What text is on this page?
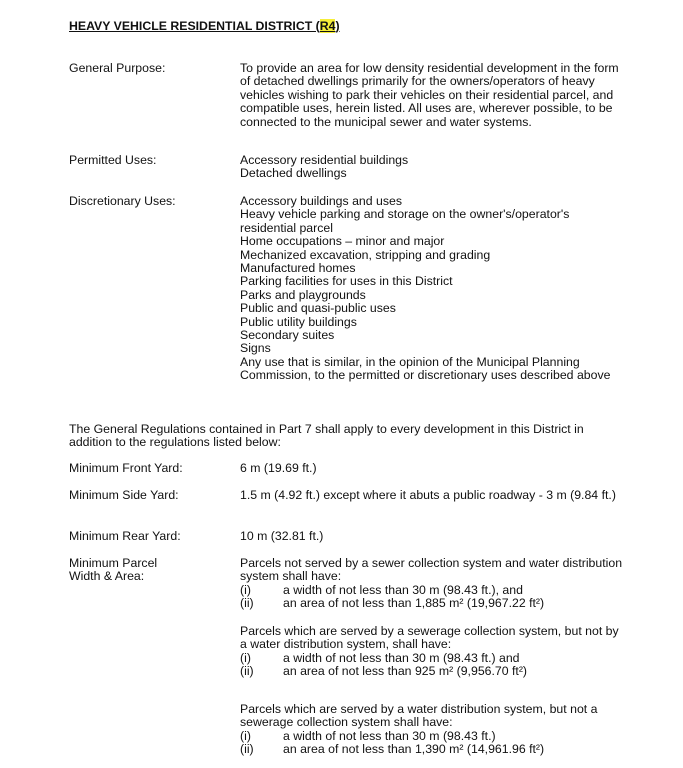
HEAVY VEHICLE RESIDENTIAL DISTRICT (R4)
General Purpose:	To provide an area for low density residential development in the form of detached dwellings primarily for the owners/operators of heavy vehicles wishing to park their vehicles on their residential parcel, and compatible uses, herein listed. All uses are, wherever possible, to be connected to the municipal sewer and water systems.
Permitted Uses:	Accessory residential buildings
Detached dwellings
Discretionary Uses:	Accessory buildings and uses
Heavy vehicle parking and storage on the owner's/operator's residential parcel
Home occupations – minor and major
Mechanized excavation, stripping and grading
Manufactured homes
Parking facilities for uses in this District
Parks and playgrounds
Public and quasi-public uses
Public utility buildings
Secondary suites
Signs
Any use that is similar, in the opinion of the Municipal Planning Commission, to the permitted or discretionary uses described above
The General Regulations contained in Part 7 shall apply to every development in this District in addition to the regulations listed below:
Minimum Front Yard:	6 m (19.69 ft.)
Minimum Side Yard:	1.5 m (4.92 ft.) except where it abuts a public roadway - 3 m (9.84 ft.)
Minimum Rear Yard:	10 m (32.81 ft.)
Minimum Parcel
Width & Area:
Parcels not served by a sewer collection system and water distribution system shall have:
(i)	a width of not less than 30 m (98.43 ft.), and
(ii)	an area of not less than 1,885 m² (19,967.22 ft²)
Parcels which are served by a sewerage collection system, but not by a water distribution system, shall have:
(i)	a width of not less than 30 m (98.43 ft.) and
(ii)	an area of not less than 925 m² (9,956.70 ft²)
Parcels which are served by a water distribution system, but not a sewerage collection system shall have:
(i)	a width of not less than 30 m (98.43 ft.)
(ii)	an area of not less than 1,390 m² (14,961.96 ft²)
